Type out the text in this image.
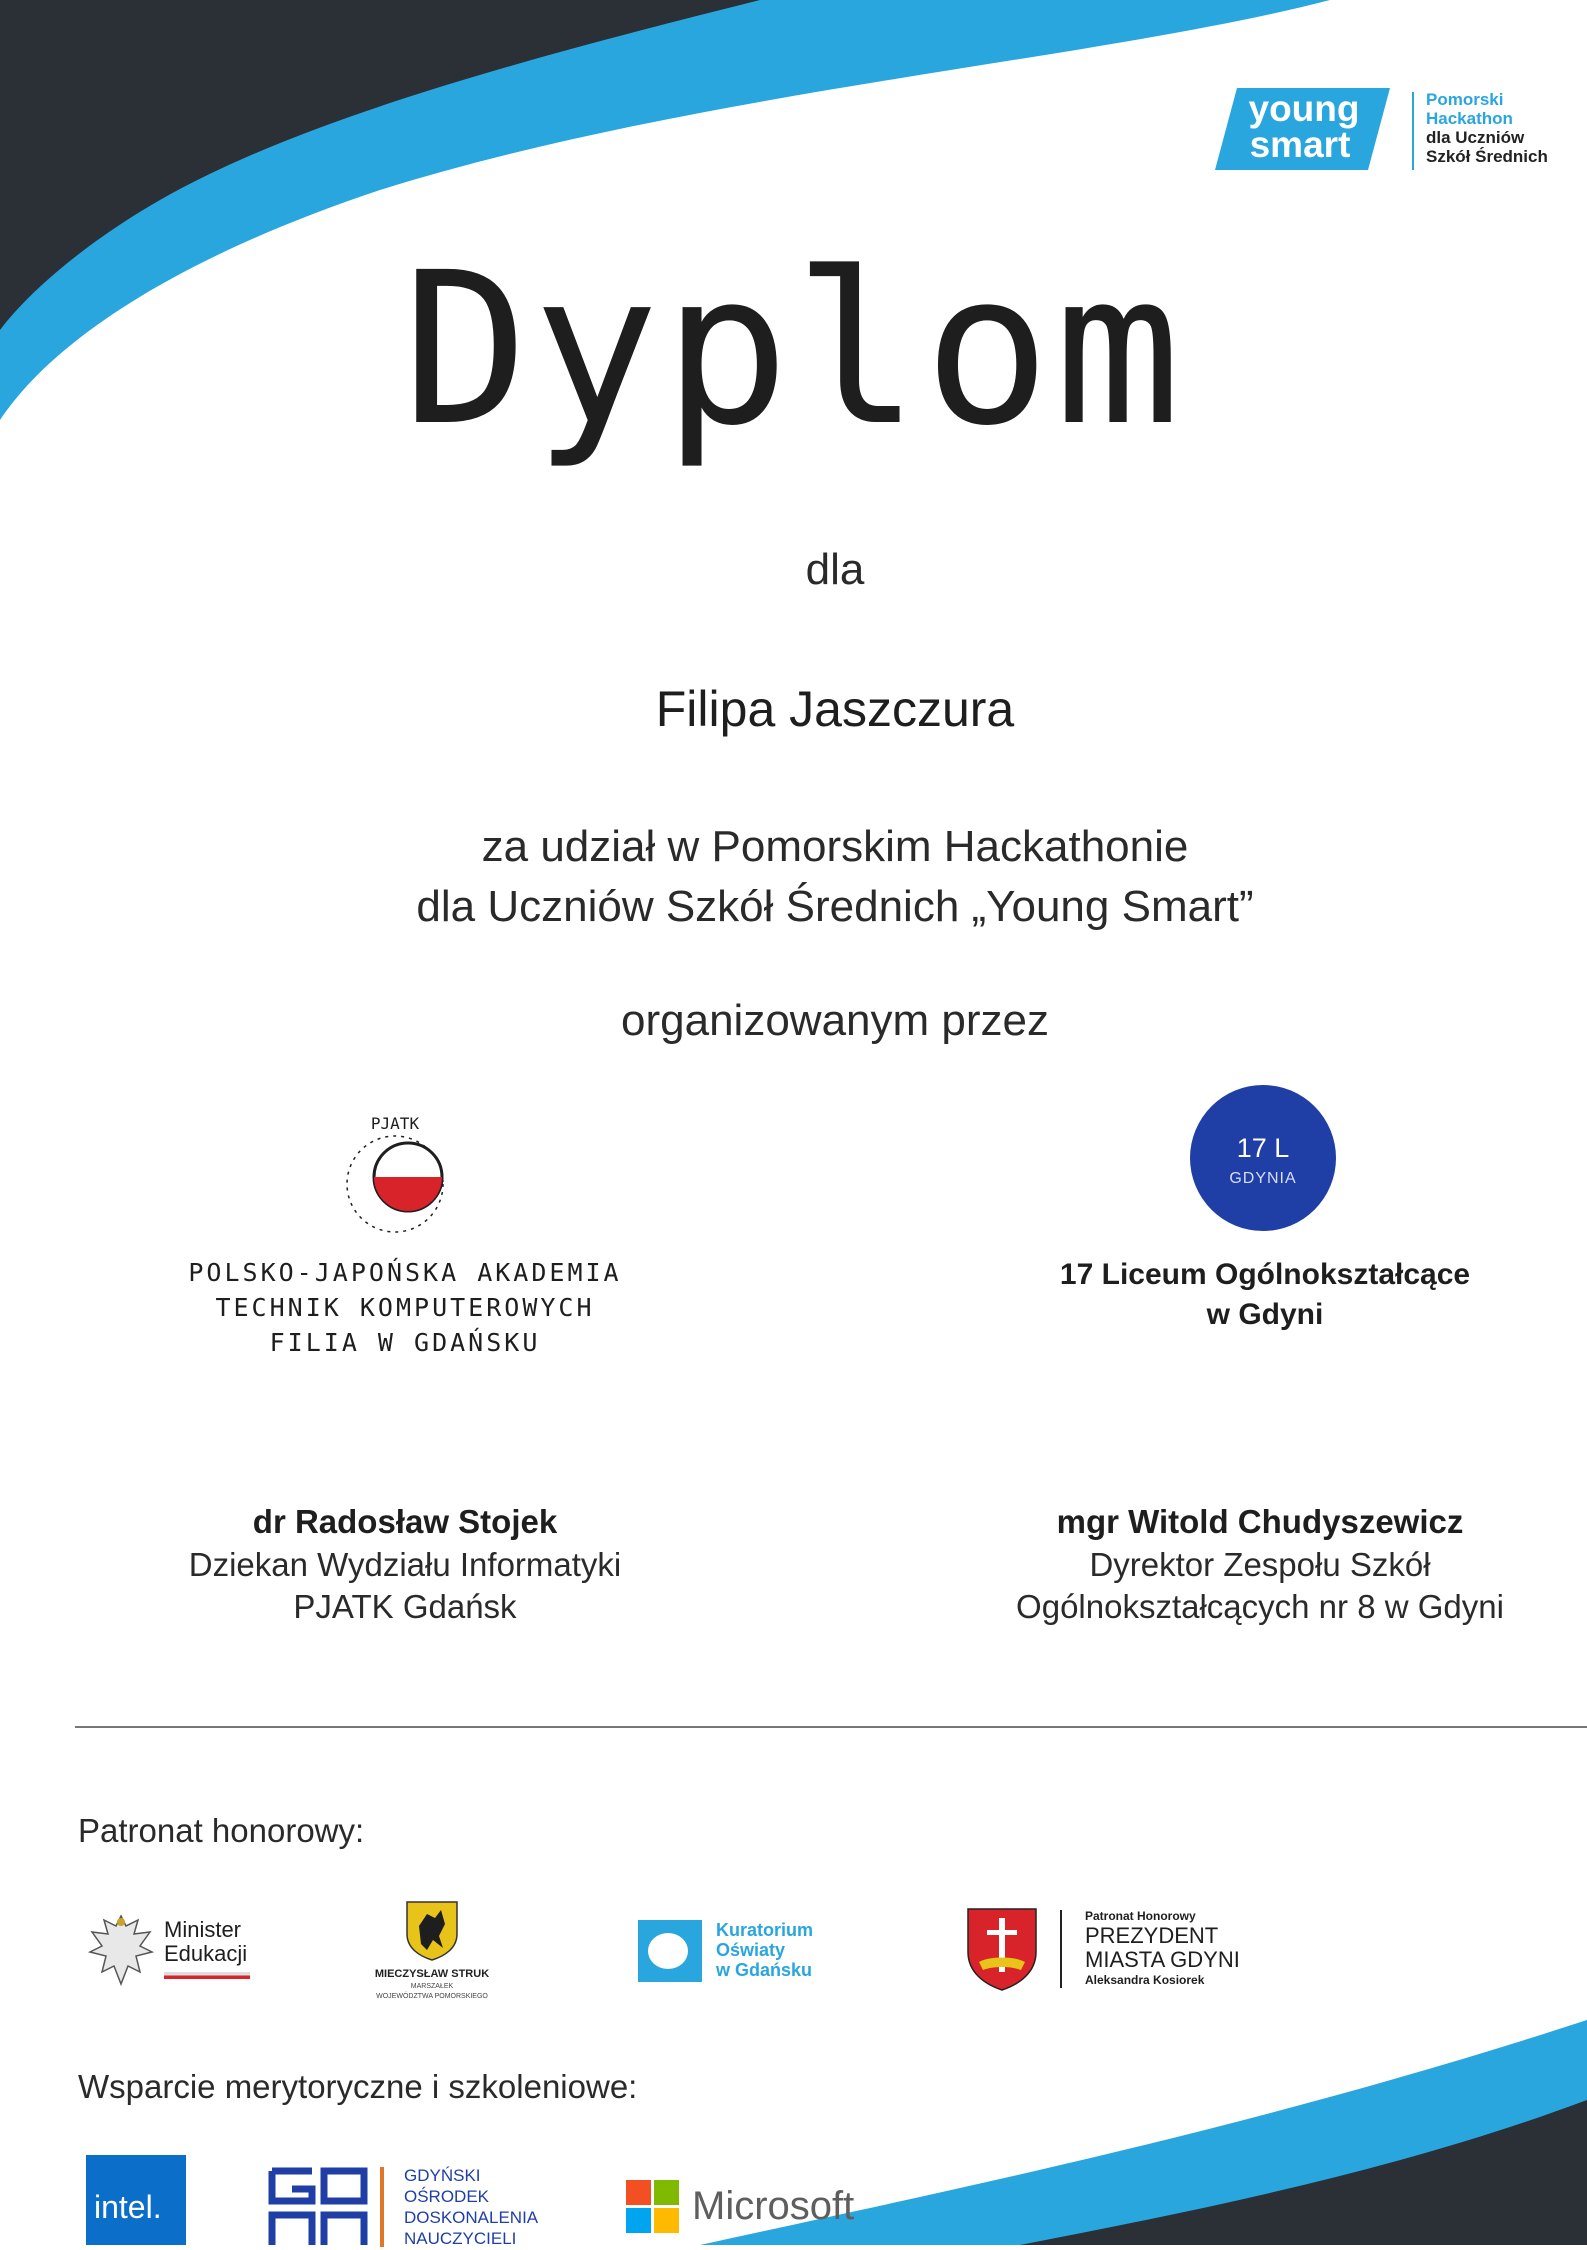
young
smart
Pomorski
Hackathon
dla Uczniów
Szkół Średnich
Dyplom
dla
Filipa Jaszczura
za udział w Pomorskim Hackathonie
dla Uczniów Szkół Średnich „Young Smart”
organizowanym przez
PJATK
POLSKO-JAPOŃSKA AKADEMIA
TECHNIK KOMPUTEROWYCH
FILIA W GDAŃSKU
17 L
GDYNIA
17 Liceum Ogólnokształcące
w Gdyni
dr Radosław Stojek
Dziekan Wydziału Informatyki
PJATK Gdańsk
mgr Witold Chudyszewicz
Dyrektor Zespołu Szkół
Ogólnokształcących nr 8 w Gdyni
Patronat honorowy:
Minister
Edukacji
MIECZYSŁAW STRUK
MARSZAŁEK
WOJEWÓDZTWA POMORSKIEGO
Kuratorium
Oświaty
w Gdańsku
Patronat Honorowy
PREZYDENT
MIASTA GDYNI
Aleksandra Kosiorek
Wsparcie merytoryczne i szkoleniowe:
intel.
GDYŃSKI
OŚRODEK
DOSKONALENIA
NAUCZYCIELI
Microsoft
